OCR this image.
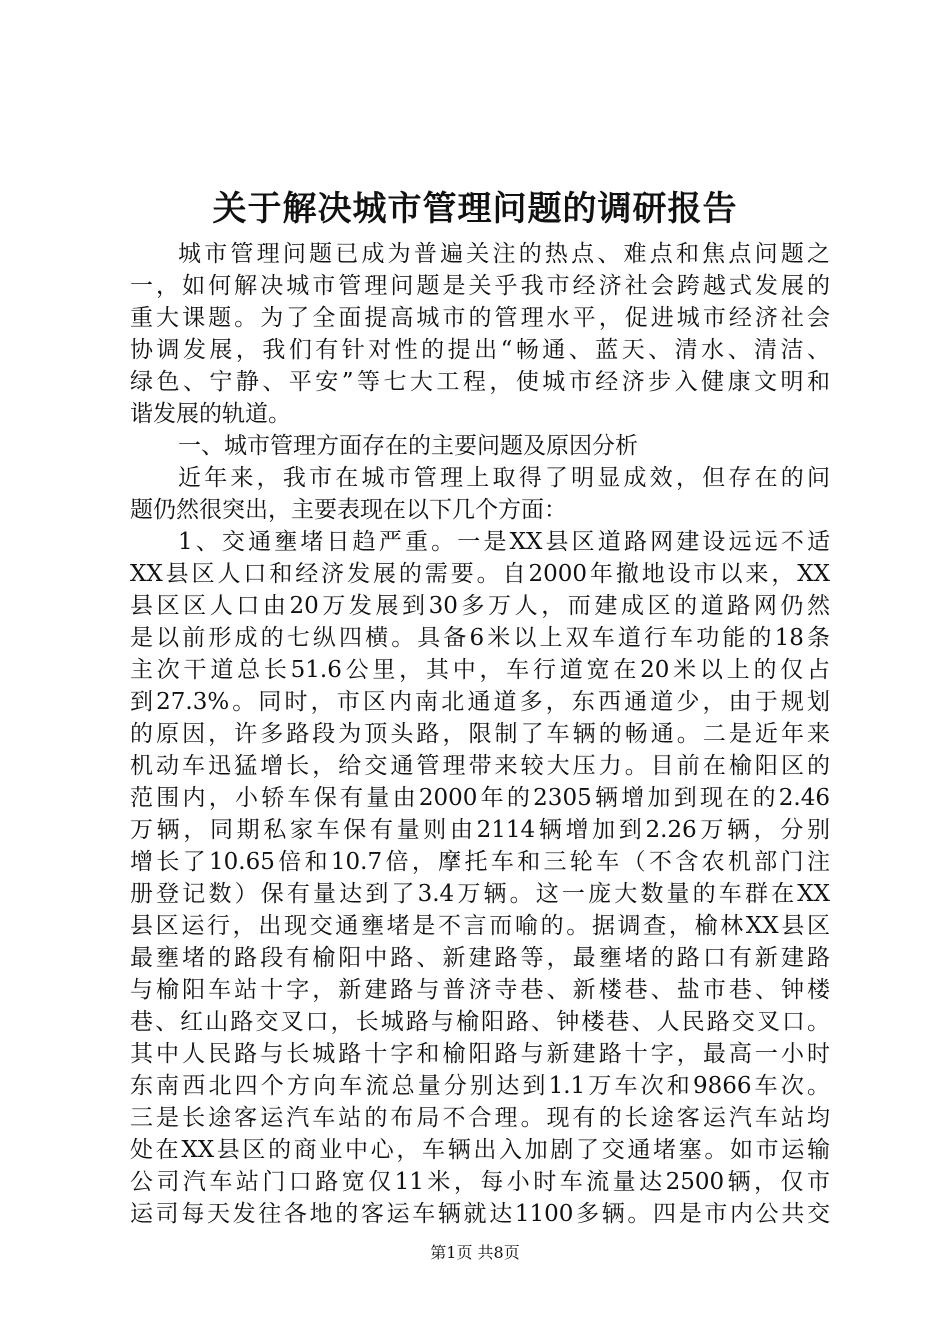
关于解决城市管理问题的调研报告
城市管理问题已成为普遍关注的热点、难点和焦点问题之
一，如何解决城市管理问题是关乎我市经济社会跨越式发展的
重大课题。为了全面提高城市的管理水平，促进城市经济社会
协调发展，我们有针对性的提出“畅通、蓝天、清水、清洁、
绿色、宁静、平安”等七大工程，使城市经济步入健康文明和
谐发展的轨道。
一、城市管理方面存在的主要问题及原因分析
近年来，我市在城市管理上取得了明显成效，但存在的问
题仍然很突出，主要表现在以下几个方面：
1、交通壅堵日趋严重。一是XX县区道路网建设远远不适
XX县区人口和经济发展的需要。自2000年撤地设市以来，XX
县区区人口由20万发展到30多万人，而建成区的道路网仍然
是以前形成的七纵四横。具备6米以上双车道行车功能的18条
主次干道总长51.6公里，其中，车行道宽在20米以上的仅占
到27.3%。同时，市区内南北通道多，东西通道少，由于规划
的原因，许多路段为顶头路，限制了车辆的畅通。二是近年来
机动车迅猛增长，给交通管理带来较大压力。目前在榆阳区的
范围内，小轿车保有量由2000年的2305辆增加到现在的2.46
万辆，同期私家车保有量则由2114辆增加到2.26万辆，分别
增长了10.65倍和10.7倍，摩托车和三轮车（不含农机部门注
册登记数）保有量达到了3.4万辆。这一庞大数量的车群在XX
县区运行，出现交通壅堵是不言而喻的。据调查，榆林XX县区
最壅堵的路段有榆阳中路、新建路等，最壅堵的路口有新建路
与榆阳车站十字，新建路与普济寺巷、新楼巷、盐市巷、钟楼
巷、红山路交叉口，长城路与榆阳路、钟楼巷、人民路交叉口。
其中人民路与长城路十字和榆阳路与新建路十字，最高一小时
东南西北四个方向车流总量分别达到1.1万车次和9866车次。
三是长途客运汽车站的布局不合理。现有的长途客运汽车站均
处在XX县区的商业中心，车辆出入加剧了交通堵塞。如市运输
公司汽车站门口路宽仅11米，每小时车流量达2500辆，仅市
运司每天发往各地的客运车辆就达1100多辆。四是市内公共交
第1页 共8页
